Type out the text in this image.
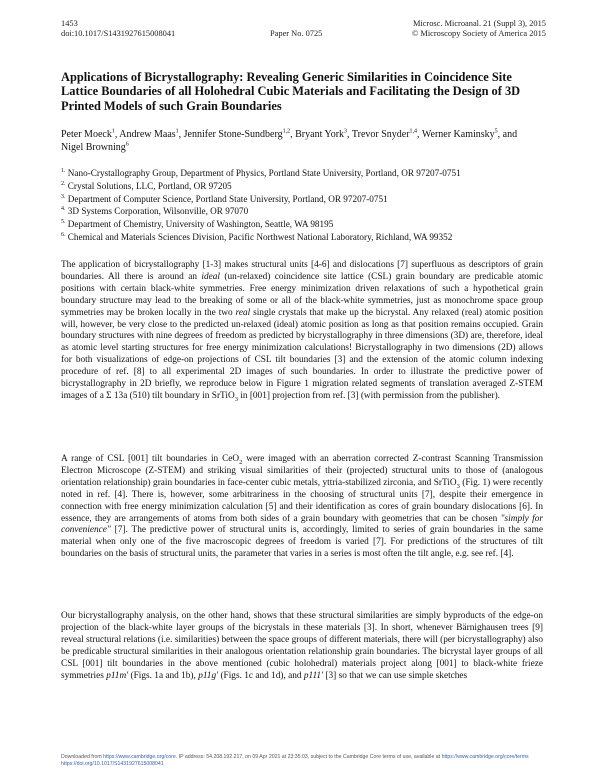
1453
doi:10.1017/S1431927615008041	Paper No. 0725
Microsc. Microanal. 21 (Suppl 3), 2015
© Microscopy Society of America 2015
Applications of Bicrystallography: Revealing Generic Similarities in Coincidence Site Lattice Boundaries of all Holohedral Cubic Materials and Facilitating the Design of 3D Printed Models of such Grain Boundaries
Peter Moeck$^1$, Andrew Maas$^1$, Jennifer Stone-Sundberg$^{1,2}$, Bryant York$^3$, Trevor Snyder$^{1,4}$, Werner Kaminsky$^5$, and Nigel Browning$^6$
$^{1.}$ Nano-Crystallography Group, Department of Physics, Portland State University, Portland, OR 97207-0751
$^{2.}$ Crystal Solutions, LLC, Portland, OR 97205
$^{3.}$ Department of Computer Science, Portland State University, Portland, OR 97207-0751
$^{4.}$ 3D Systems Corporation, Wilsonville, OR 97070
$^{5.}$ Department of Chemistry, University of Washington, Seattle, WA 98195
$^{6.}$ Chemical and Materials Sciences Division, Pacific Northwest National Laboratory, Richland, WA 99352

The application of bicrystallography [1-3] makes structural units [4-6] and dislocations [7] superfluous as descriptors of grain boundaries. All there is around an ideal (un-relaxed) coincidence site lattice (CSL) grain boundary are predicable atomic positions with certain black-white symmetries. Free energy minimization driven relaxations of such a hypothetical grain boundary structure may lead to the breaking of some or all of the black-white symmetries, just as monochrome space group symmetries may be broken locally in the two real single crystals that make up the bicrystal. Any relaxed (real) atomic position will, however, be very close to the predicted un-relaxed (ideal) atomic position as long as that position remains occupied. Grain boundary structures with nine degrees of freedom as predicted by bicrystallography in three dimensions (3D) are, therefore, ideal as atomic level starting structures for free energy minimization calculations! Bicrystallography in two dimensions (2D) allows for both visualizations of edge-on projections of CSL tilt boundaries [3] and the extension of the atomic column indexing procedure of ref. [8] to all experimental 2D images of such boundaries. In order to illustrate the predictive power of bicrystallography in 2D briefly, we reproduce below in Figure 1 migration related segments of translation averaged Z-STEM images of a Σ 13a (510) tilt boundary in SrTiO$_3$ in [001] projection from ref. [3] (with permission from the publisher).

A range of CSL [001] tilt boundaries in CeO$_2$ were imaged with an aberration corrected Z-contrast Scanning Transmission Electron Microscope (Z-STEM) and striking visual similarities of their (projected) structural units to those of (analogous orientation relationship) grain boundaries in face-center cubic metals, yttria-stabilized zirconia, and SrTiO$_3$ (Fig. 1) were recently noted in ref. [4]. There is, however, some arbitrariness in the choosing of structural units [7], despite their emergence in connection with free energy minimization calculation [5] and their identification as cores of grain boundary dislocations [6]. In essence, they are arrangements of atoms from both sides of a grain boundary with geometries that can be chosen "simply for convenience" [7]. The predictive power of structural units is, accordingly, limited to series of grain boundaries in the same material when only one of the five macroscopic degrees of freedom is varied [7]. For predictions of the structures of tilt boundaries on the basis of structural units, the parameter that varies in a series is most often the tilt angle, e.g. see ref. [4].

Our bicrystallography analysis, on the other hand, shows that these structural similarities are simply byproducts of the edge-on projection of the black-white layer groups of the bicrystals in these materials [3]. In short, whenever Bärnighausen trees [9] reveal structural relations (i.e. similarities) between the space groups of different materials, there will (per bicrystallography) also be predicable structural similarities in their analogous orientation relationship grain boundaries. The bicrystal layer groups of all CSL [001] tilt boundaries in the above mentioned (cubic holohedral) materials project along [001] to black-white frieze symmetries p11m′ (Figs. 1a and 1b), p11g′ (Figs. 1c and 1d), and p111′ [3] so that we can use simple sketches

Downloaded from https://www.cambridge.org/core. IP address: 54.208.192.217, on 09 Apr 2021 at 23:35:03, subject to the Cambridge Core terms of use, available at https://www.cambridge.org/core/terms
https://doi.org/10.1017/S1431927615008041
